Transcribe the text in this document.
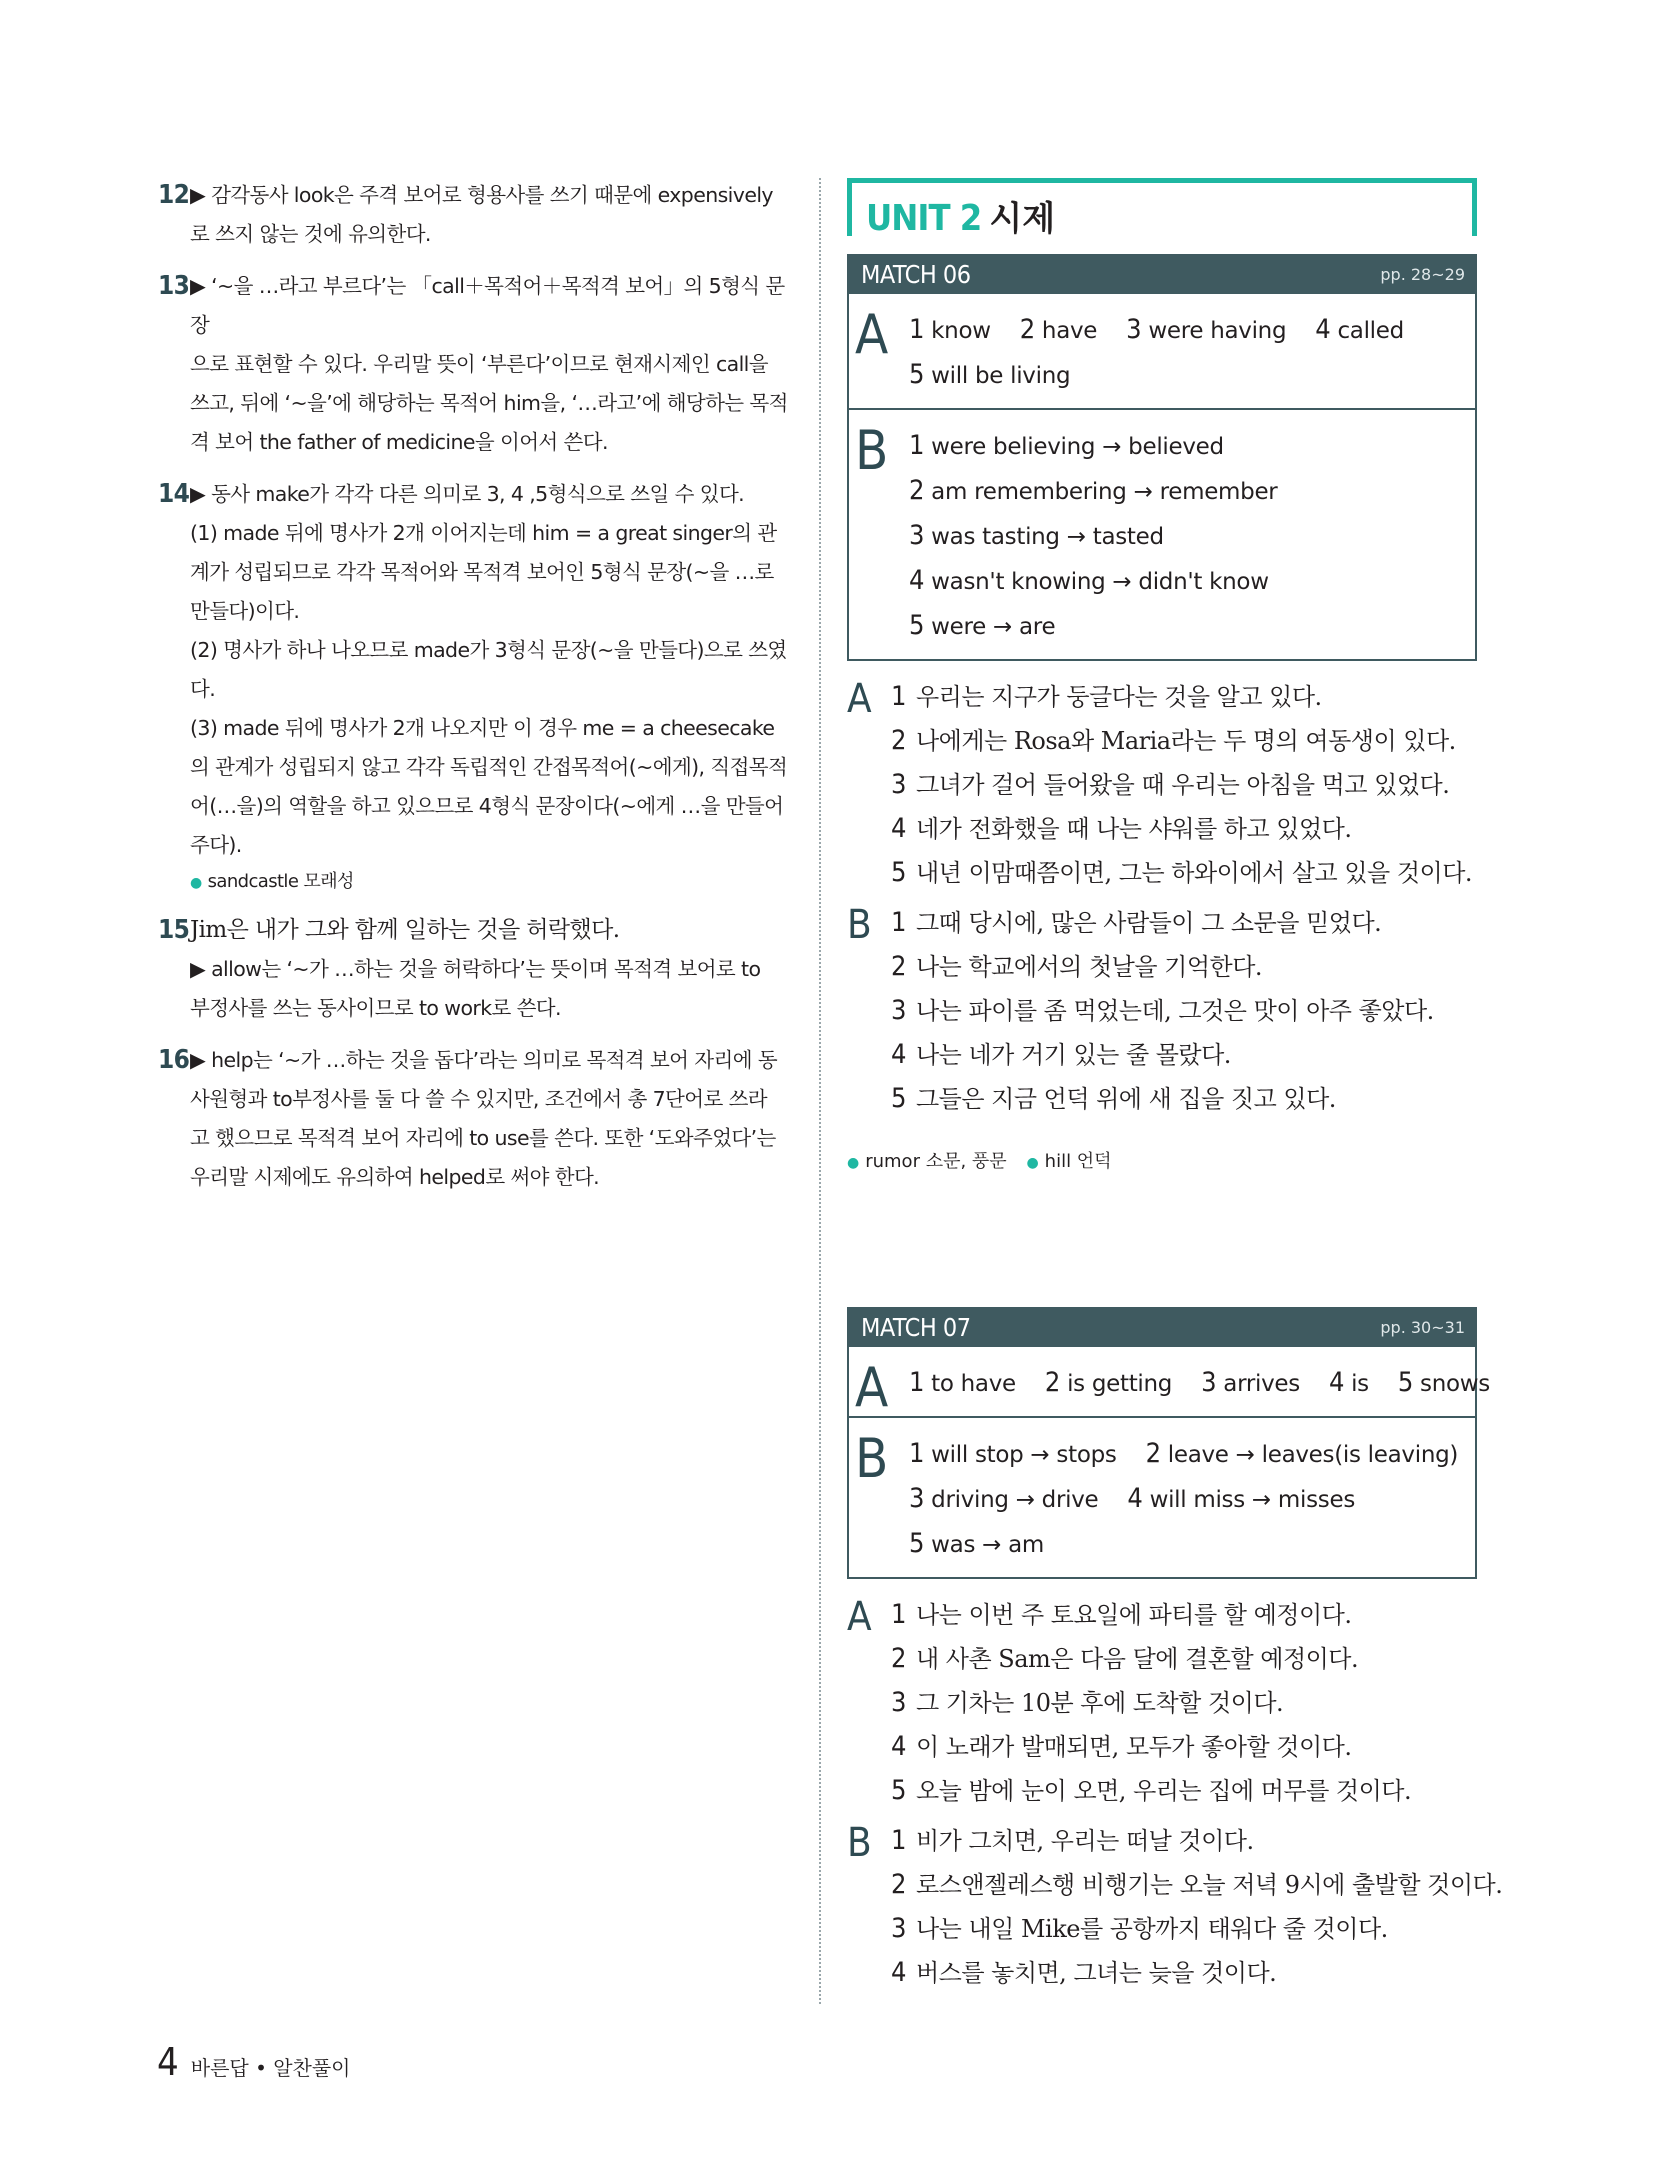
12 ▶ 감각동사 look은 주격 보어로 형용사를 쓰기 때문에 expensively
로 쓰지 않는 것에 유의한다.
13 ▶ ‘~을 …라고 부르다’는 「call＋목적어＋목적격 보어」의 5형식 문장
으로 표현할 수 있다. 우리말 뜻이 ‘부른다’이므로 현재시제인 call을
쓰고, 뒤에 ‘~을’에 해당하는 목적어 him을, ‘…라고’에 해당하는 목적
격 보어 the father of medicine을 이어서 쓴다.
14 ▶ 동사 make가 각각 다른 의미로 3, 4 ,5형식으로 쓰일 수 있다.
(1) made 뒤에 명사가 2개 이어지는데 him = a great singer의 관
계가 성립되므로 각각 목적어와 목적격 보어인 5형식 문장(~을 …로
만들다)이다.
(2) 명사가 하나 나오므로 made가 3형식 문장(~을 만들다)으로 쓰였다.
(3) made 뒤에 명사가 2개 나오지만 이 경우 me = a cheesecake
의 관계가 성립되지 않고 각각 독립적인 간접목적어(~에게), 직접목적
어(…을)의 역할을 하고 있으므로 4형식 문장이다(~에게 …을 만들어
주다).
● sandcastle 모래성
15 Jim은 내가 그와 함께 일하는 것을 허락했다.
▶ allow는 ‘~가 …하는 것을 허락하다’는 뜻이며 목적격 보어로 to
부정사를 쓰는 동사이므로 to work로 쓴다.
16 ▶ help는 ‘~가 …하는 것을 돕다’라는 의미로 목적격 보어 자리에 동
사원형과 to부정사를 둘 다 쓸 수 있지만, 조건에서 총 7단어로 쓰라
고 했으므로 목적격 보어 자리에 to use를 쓴다. 또한 ‘도와주었다’는
우리말 시제에도 유의하여 helped로 써야 한다.
UNIT 2 시제
MATCH 06	pp. 28~29
A 1 know 2 have 3 were having 4 called
5 will be living
B 1 were believing → believed
2 am remembering → remember
3 was tasting → tasted
4 wasn't knowing → didn't know
5 were → are
A 1 우리는 지구가 둥글다는 것을 알고 있다.
2 나에게는 Rosa와 Maria라는 두 명의 여동생이 있다.
3 그녀가 걸어 들어왔을 때 우리는 아침을 먹고 있었다.
4 네가 전화했을 때 나는 샤워를 하고 있었다.
5 내년 이맘때쯤이면, 그는 하와이에서 살고 있을 것이다.
B 1 그때 당시에, 많은 사람들이 그 소문을 믿었다.
2 나는 학교에서의 첫날을 기억한다.
3 나는 파이를 좀 먹었는데, 그것은 맛이 아주 좋았다.
4 나는 네가 거기 있는 줄 몰랐다.
5 그들은 지금 언덕 위에 새 집을 짓고 있다.
● rumor 소문, 풍문 ● hill 언덕
MATCH 07	pp. 30~31
A 1 to have 2 is getting 3 arrives 4 is 5 snows
B 1 will stop → stops 2 leave → leaves(is leaving)
3 driving → drive 4 will miss → misses
5 was → am
A 1 나는 이번 주 토요일에 파티를 할 예정이다.
2 내 사촌 Sam은 다음 달에 결혼할 예정이다.
3 그 기차는 10분 후에 도착할 것이다.
4 이 노래가 발매되면, 모두가 좋아할 것이다.
5 오늘 밤에 눈이 오면, 우리는 집에 머무를 것이다.
B 1 비가 그치면, 우리는 떠날 것이다.
2 로스앤젤레스행 비행기는 오늘 저녁 9시에 출발할 것이다.
3 나는 내일 Mike를 공항까지 태워다 줄 것이다.
4 버스를 놓치면, 그녀는 늦을 것이다.
4 바른답 • 알찬풀이
